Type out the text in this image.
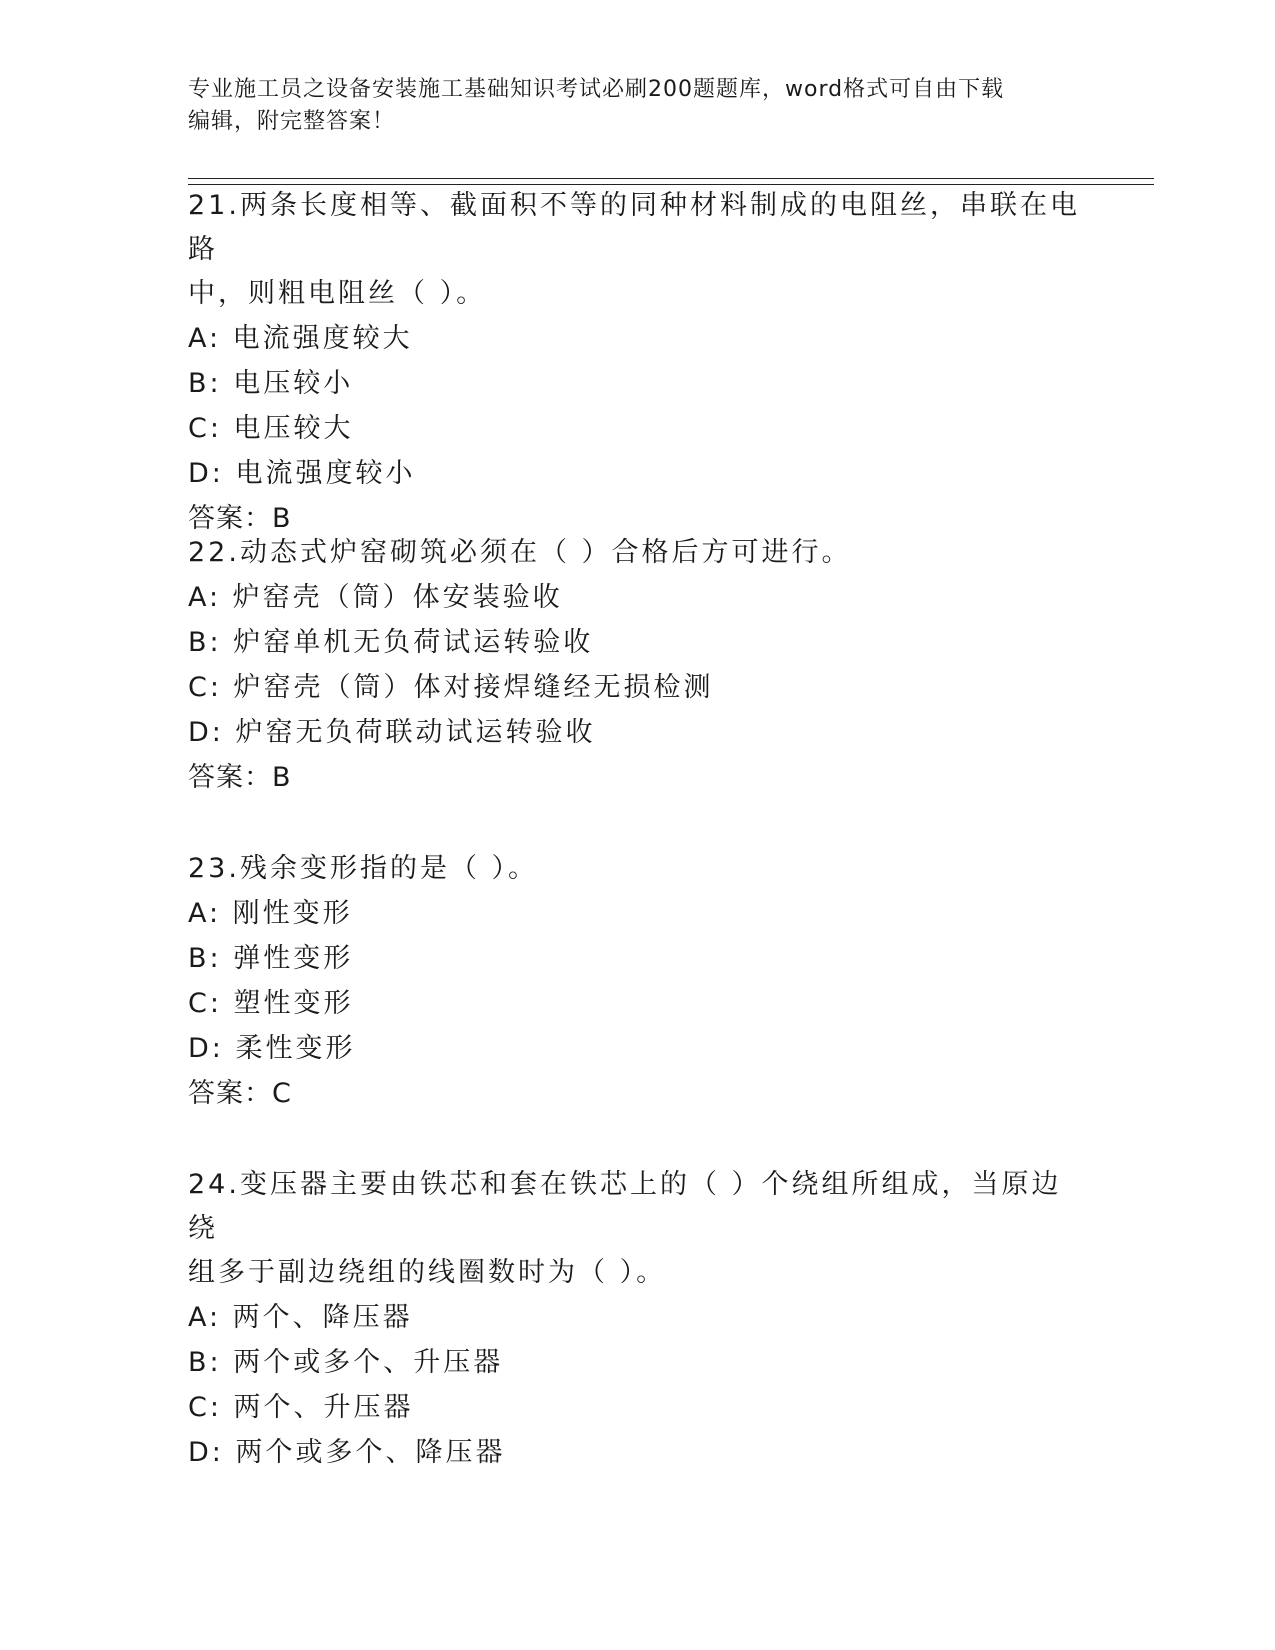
专业施工员之设备安装施工基础知识考试必刷200题题库，word格式可自由下载
编辑，附完整答案！
21.两条长度相等、截面积不等的同种材料制成的电阻丝，串联在电路
中，则粗电阻丝（ ）。
A: 电流强度较大
B: 电压较小
C: 电压较大
D: 电流强度较小
答案：B
22.动态式炉窑砌筑必须在（ ）合格后方可进行。
A: 炉窑壳（筒）体安装验收
B: 炉窑单机无负荷试运转验收
C: 炉窑壳（筒）体对接焊缝经无损检测
D: 炉窑无负荷联动试运转验收
答案：B
23.残余变形指的是（ ）。
A: 刚性变形
B: 弹性变形
C: 塑性变形
D: 柔性变形
答案：C
24.变压器主要由铁芯和套在铁芯上的（ ）个绕组所组成，当原边绕
组多于副边绕组的线圈数时为（ ）。
A: 两个、降压器
B: 两个或多个、升压器
C: 两个、升压器
D: 两个或多个、降压器
